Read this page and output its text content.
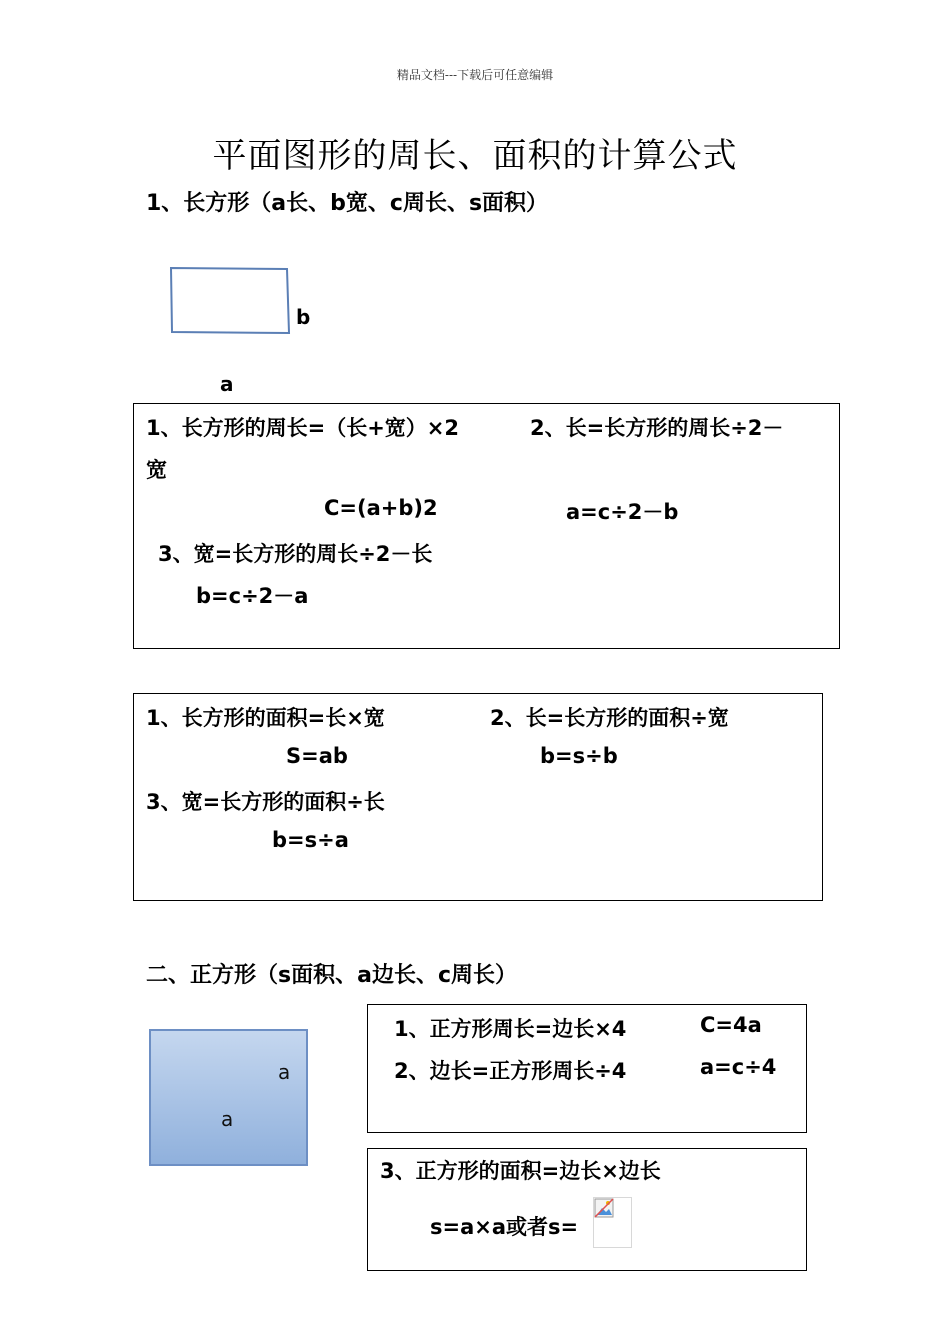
精品文档---下载后可任意编辑
平面图形的周长、面积的计算公式
1、长方形（a长、b宽、c周长、s面积）
b
a
1、长方形的周长=（长+宽）×2	2、长=长方形的周长÷2－
宽
C=(a+b)2	a=c÷2－b
3、宽=长方形的周长÷2－长
b=c÷2－a
1、长方形的面积=长×宽	2、长=长方形的面积÷宽
S=ab	b=s÷b
3、宽=长方形的面积÷长
b=s÷a
二、正方形（s面积、a边长、c周长）
a
a
1、正方形周长=边长×4	C=4a
2、边长=正方形周长÷4	a=c÷4
3、正方形的面积=边长×边长
s=a×a或者s=
